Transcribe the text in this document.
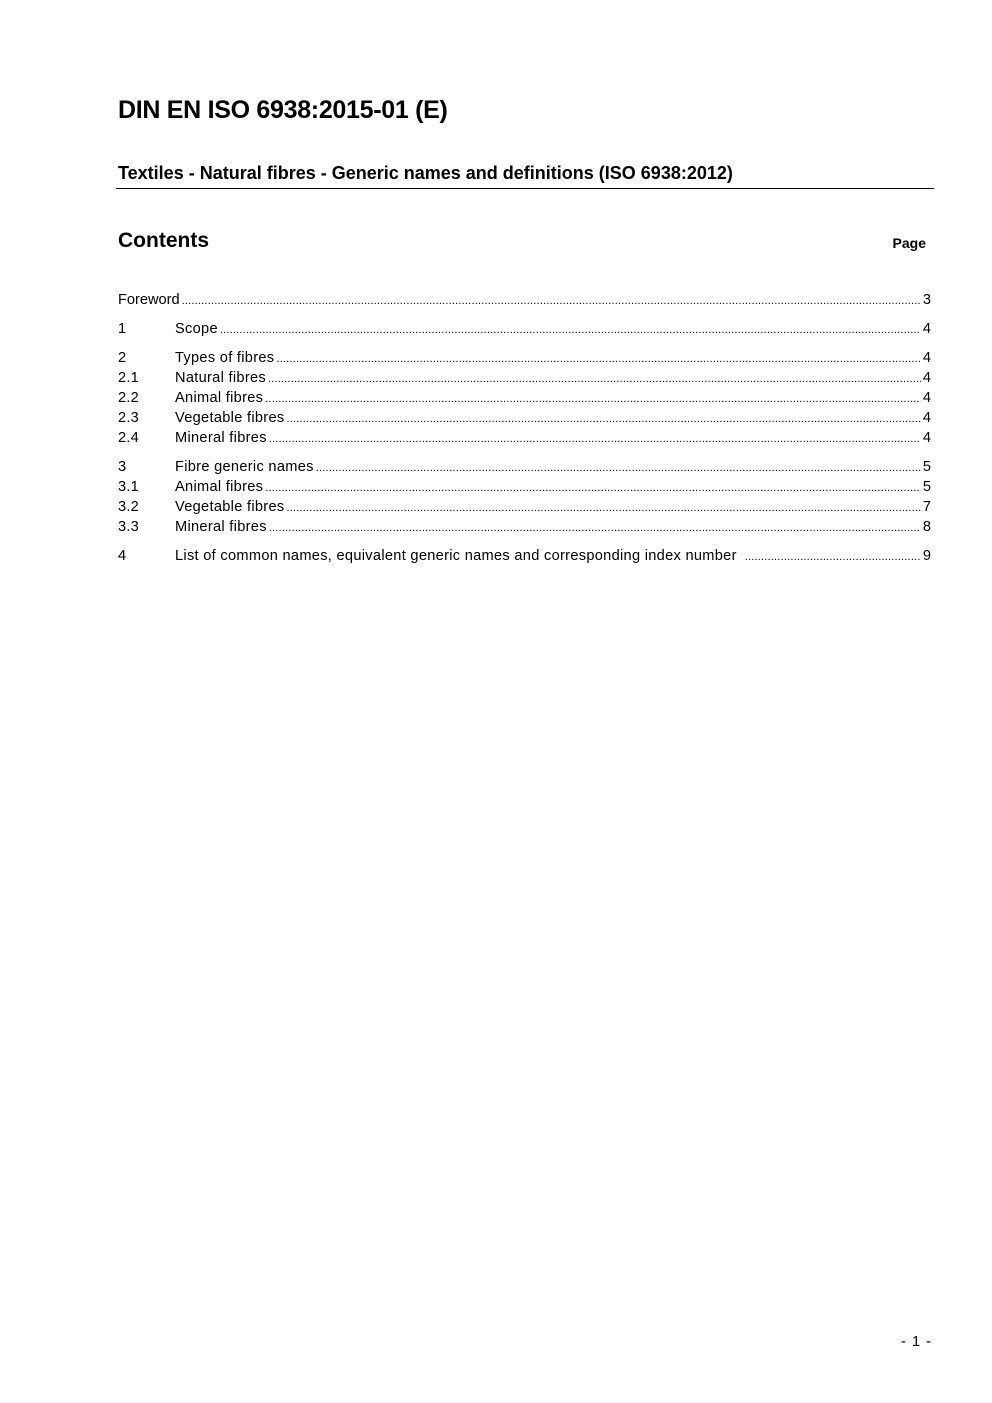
DIN EN ISO 6938:2015-01 (E)
Textiles - Natural fibres - Generic names and definitions (ISO 6938:2012)
Contents	Page
Foreword .....	3
1	Scope .....	4
2	Types of fibres .....	4
2.1	Natural fibres .....	4
2.2	Animal fibres .....	4
2.3	Vegetable fibres .....	4
2.4	Mineral fibres .....	4
3	Fibre generic names .....	5
3.1	Animal fibres .....	5
3.2	Vegetable fibres .....	7
3.3	Mineral fibres .....	8
4	List of common names, equivalent generic names and corresponding index number .....	9
- 1 -
